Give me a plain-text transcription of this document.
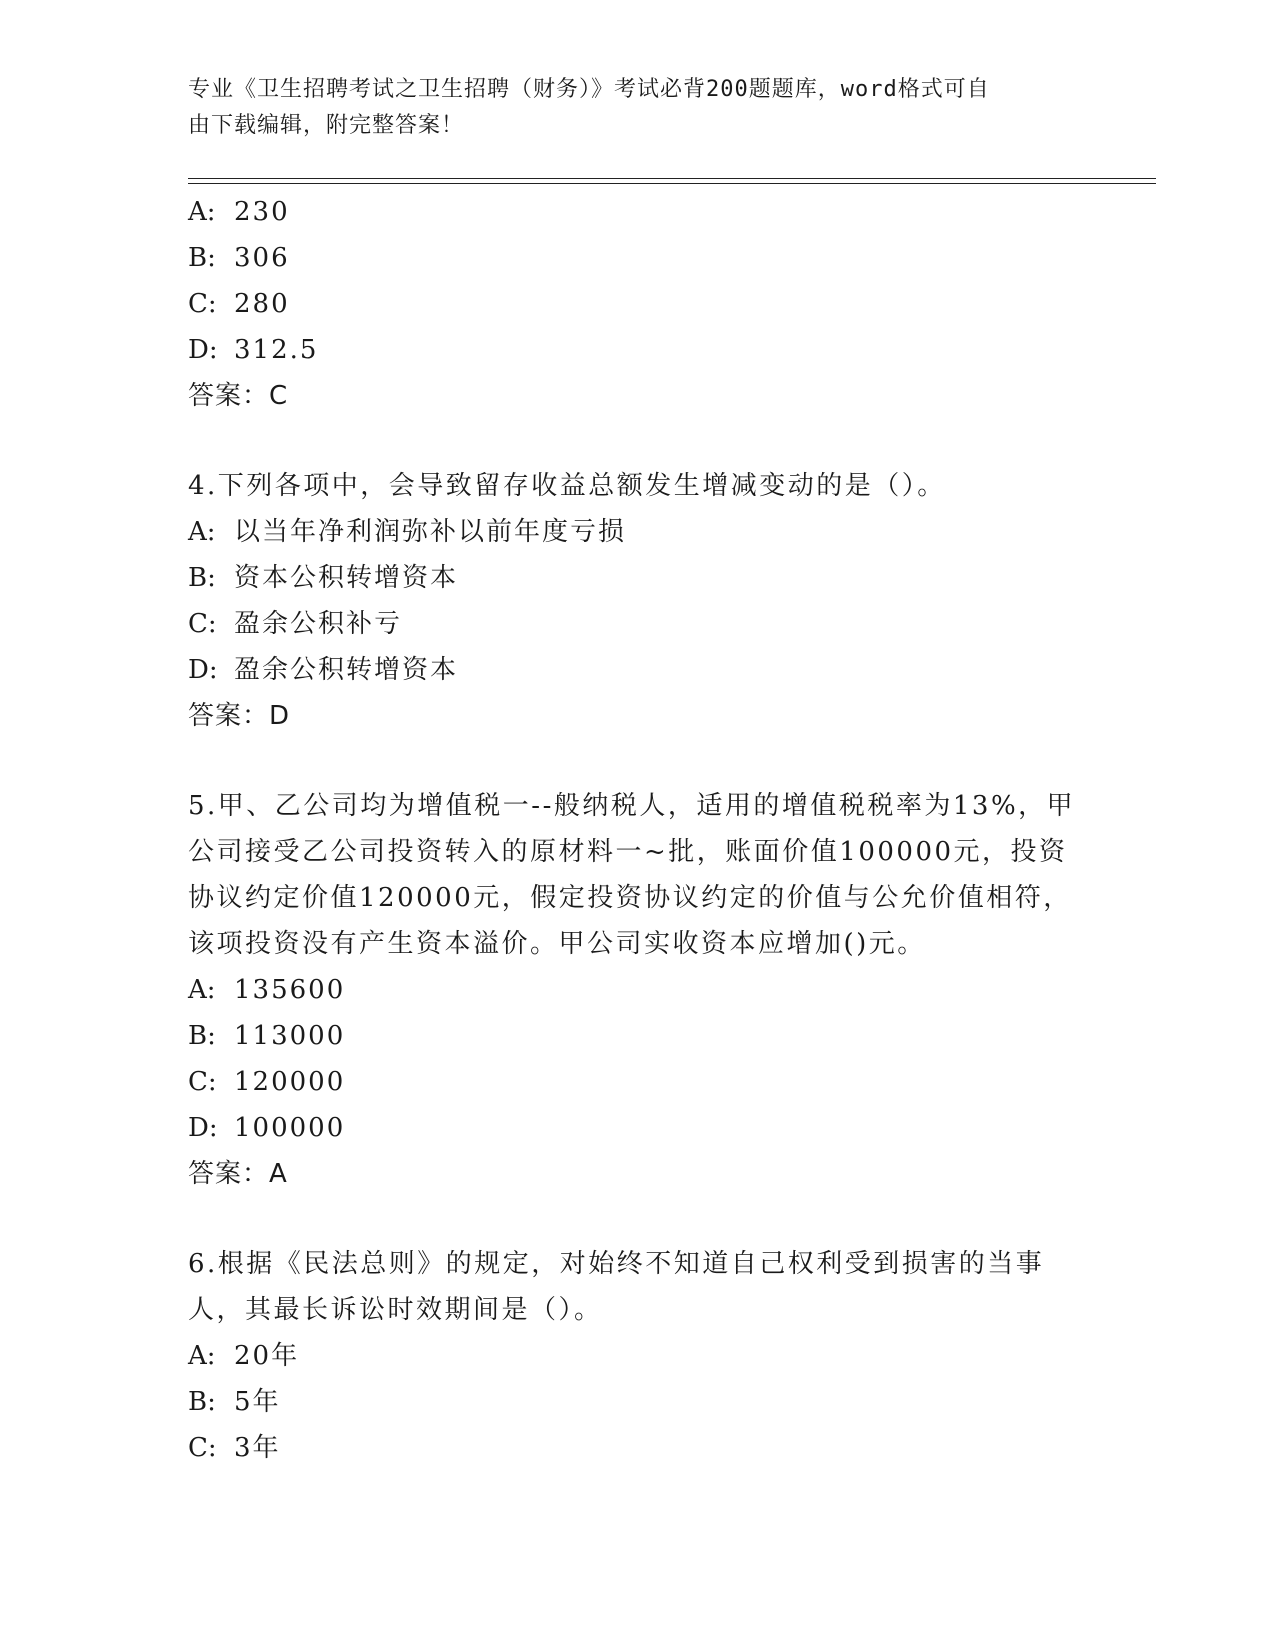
专业《卫生招聘考试之卫生招聘（财务）》考试必背200题题库，word格式可自
由下载编辑，附完整答案！
A: 230
B: 306
C: 280
D: 312.5
答案：C
4.下列各项中，会导致留存收益总额发生增减变动的是（）。
A: 以当年净利润弥补以前年度亏损
B: 资本公积转增资本
C: 盈余公积补亏
D: 盈余公积转增资本
答案：D
5.甲、乙公司均为增值税一--般纳税人，适用的增值税税率为13%，甲
公司接受乙公司投资转入的原材料一~批，账面价值100000元，投资
协议约定价值120000元，假定投资协议约定的价值与公允价值相符，
该项投资没有产生资本溢价。甲公司实收资本应增加()元。
A: 135600
B: 113000
C: 120000
D: 100000
答案：A
6.根据《民法总则》的规定，对始终不知道自己权利受到损害的当事
人，其最长诉讼时效期间是（）。
A: 20年
B: 5年
C: 3年
